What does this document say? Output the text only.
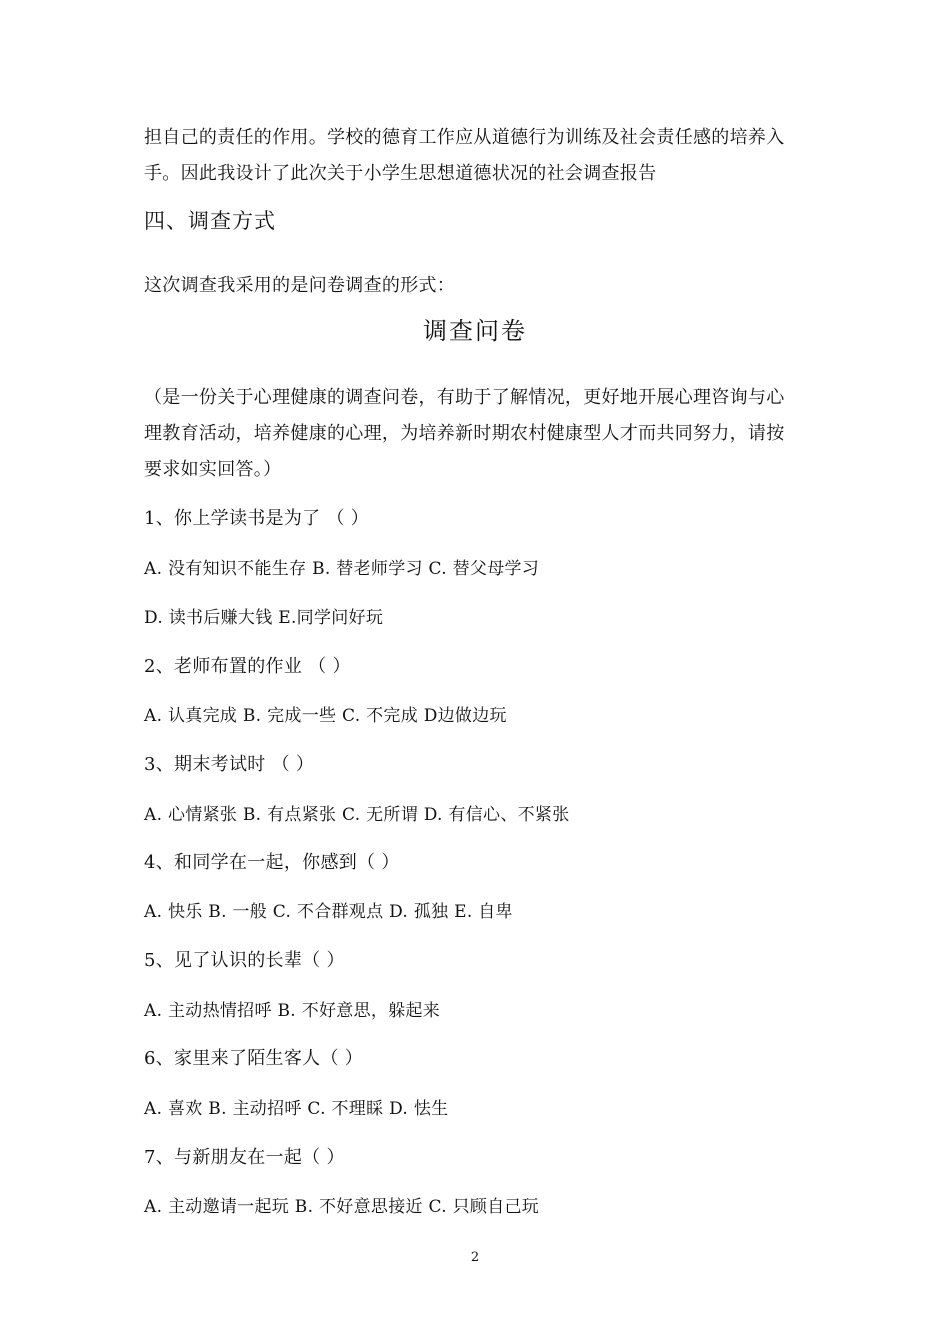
担自己的责任的作用。学校的德育工作应从道德行为训练及社会责任感的培养入
手。因此我设计了此次关于小学生思想道德状况的社会调查报告
四、调查方式
这次调查我采用的是问卷调查的形式：
调查问卷
（是一份关于心理健康的调查问卷，有助于了解情况，更好地开展心理咨询与心
理教育活动，培养健康的心理，为培养新时期农村健康型人才而共同努力，请按
要求如实回答。）
1、你上学读书是为了 （ ）
A. 没有知识不能生存 B. 替老师学习 C. 替父母学习
D. 读书后赚大钱 E.同学问好玩
2、老师布置的作业 （ ）
A. 认真完成 B. 完成一些 C. 不完成 D边做边玩
3、期末考试时 （ ）
A. 心情紧张 B. 有点紧张 C. 无所谓 D. 有信心、不紧张
4、和同学在一起，你感到（ ）
A. 快乐 B. 一般 C. 不合群观点 D. 孤独 E. 自卑
5、见了认识的长辈（ ）
A. 主动热情招呼 B. 不好意思，躲起来
6、家里来了陌生客人（ ）
A. 喜欢 B. 主动招呼 C. 不理睬 D. 怯生
7、与新朋友在一起（ ）
A. 主动邀请一起玩 B. 不好意思接近 C. 只顾自己玩
2
